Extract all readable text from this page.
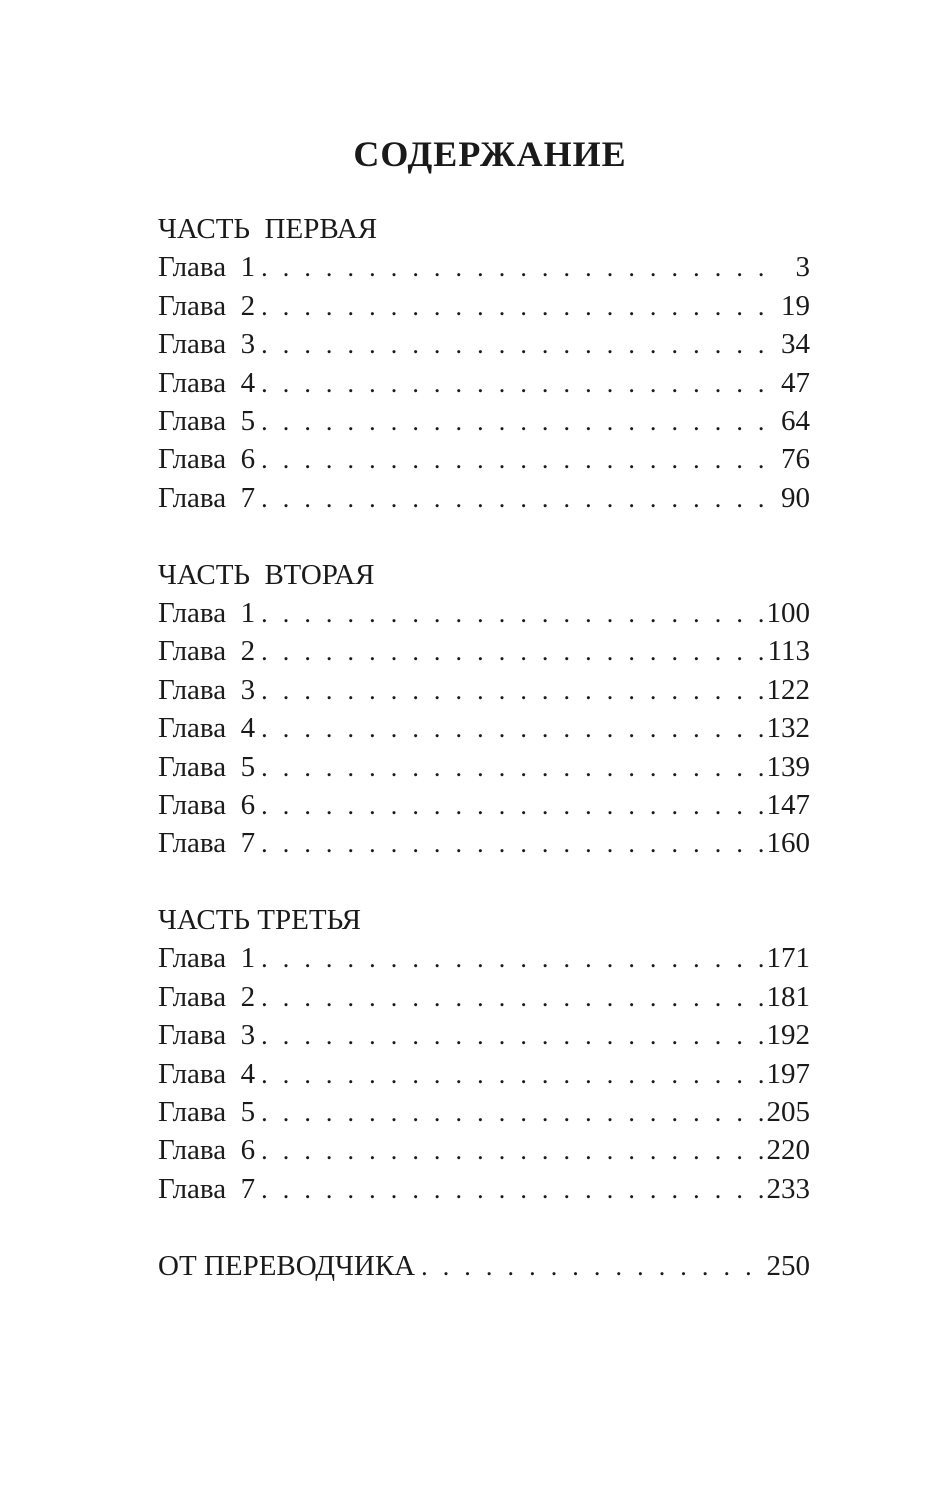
СОДЕРЖАНИЕ
ЧАСТЬ  ПЕРВАЯ
Глава  1 . . .	3
Глава  2 . . .	19
Глава  3 . . .	34
Глава  4 . . .	47
Глава  5 . . .	64
Глава  6 . . .	76
Глава  7 . . .	90
ЧАСТЬ  ВТОРАЯ
Глава  1 . . .	100
Глава  2 . . .	113
Глава  3 . . .	122
Глава  4 . . .	132
Глава  5 . . .	139
Глава  6 . . .	147
Глава  7 . . .	160
ЧАСТЬ ТРЕТЬЯ
Глава  1 . . .	171
Глава  2 . . .	181
Глава  3 . . .	192
Глава  4 . . .	197
Глава  5 . . .	205
Глава  6 . . .	220
Глава  7 . . .	233
ОТ ПЕРЕВОДЧИКА . . .	250
